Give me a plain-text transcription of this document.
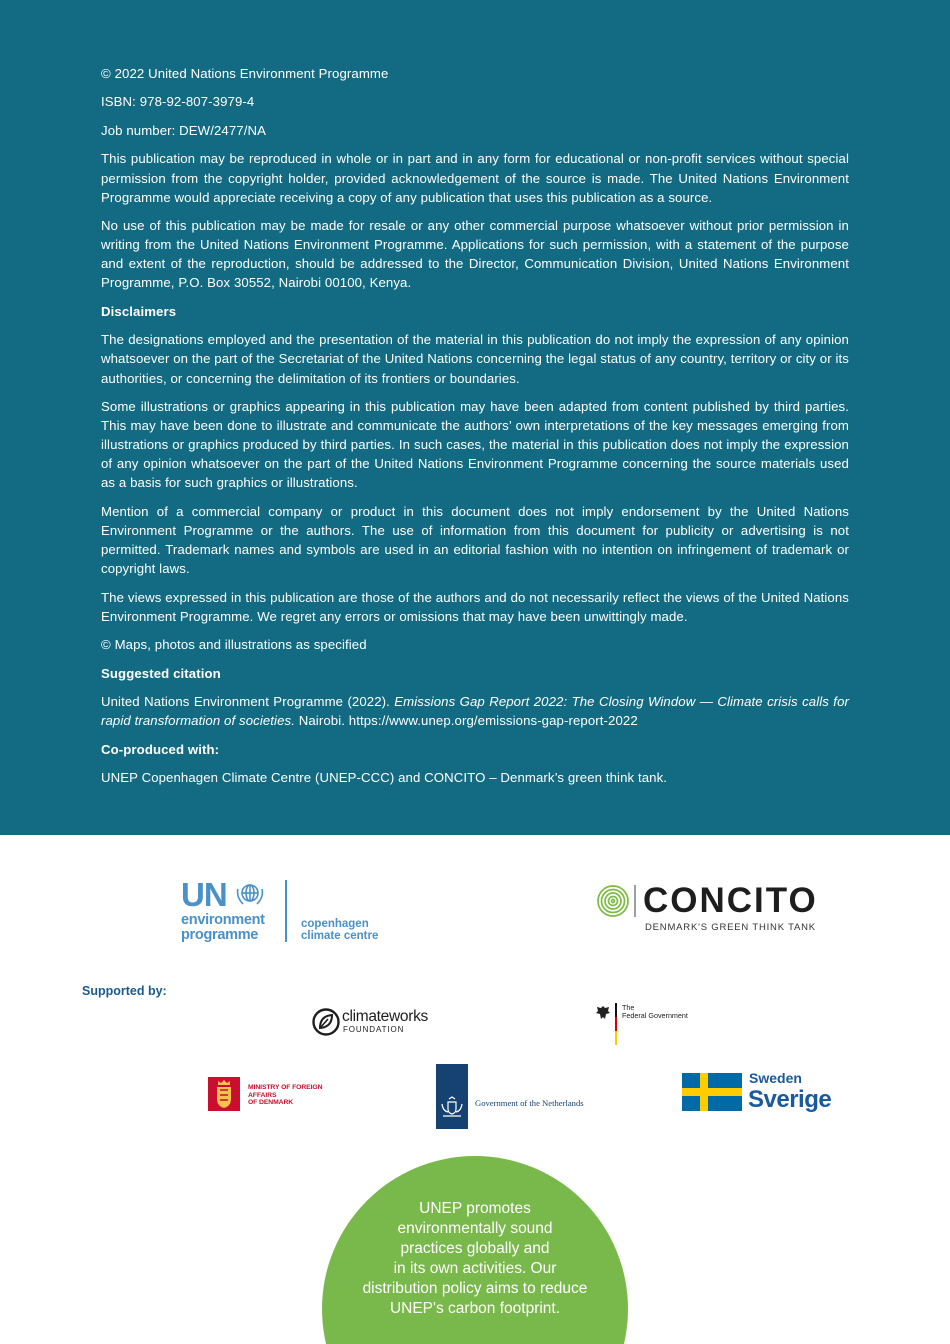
© 2022 United Nations Environment Programme

ISBN: 978-92-807-3979-4

Job number: DEW/2477/NA

This publication may be reproduced in whole or in part and in any form for educational or non-profit services without special permission from the copyright holder, provided acknowledgement of the source is made. The United Nations Environment Programme would appreciate receiving a copy of any publication that uses this publication as a source.

No use of this publication may be made for resale or any other commercial purpose whatsoever without prior permission in writing from the United Nations Environment Programme. Applications for such permission, with a statement of the purpose and extent of the reproduction, should be addressed to the Director, Communication Division, United Nations Environment Programme, P.O. Box 30552, Nairobi 00100, Kenya.

Disclaimers

The designations employed and the presentation of the material in this publication do not imply the expression of any opinion whatsoever on the part of the Secretariat of the United Nations concerning the legal status of any country, territory or city or its authorities, or concerning the delimitation of its frontiers or boundaries.

Some illustrations or graphics appearing in this publication may have been adapted from content published by third parties. This may have been done to illustrate and communicate the authors’ own interpretations of the key messages emerging from illustrations or graphics produced by third parties. In such cases, the material in this publication does not imply the expression of any opinion whatsoever on the part of the United Nations Environment Programme concerning the source materials used as a basis for such graphics or illustrations.

Mention of a commercial company or product in this document does not imply endorsement by the United Nations Environment Programme or the authors. The use of information from this document for publicity or advertising is not permitted. Trademark names and symbols are used in an editorial fashion with no intention on infringement of trademark or copyright laws.

The views expressed in this publication are those of the authors and do not necessarily reflect the views of the United Nations Environment Programme. We regret any errors or omissions that may have been unwittingly made.

© Maps, photos and illustrations as specified

Suggested citation

United Nations Environment Programme (2022). Emissions Gap Report 2022: The Closing Window — Climate crisis calls for rapid transformation of societies. Nairobi. https://www.unep.org/emissions-gap-report-2022

Co-produced with:

UNEP Copenhagen Climate Centre (UNEP-CCC) and CONCITO – Denmark’s green think tank.

UN
environment
programme
copenhagen
climate centre
CONCITO
DENMARK'S GREEN THINK TANK
Supported by:
climateworks
FOUNDATION
The
Federal Government
MINISTRY OF FOREIGN AFFAIRS
OF DENMARK	Government of the Netherlands
Sweden
Sverige
UNEP promotes
environmentally sound
practices globally and
in its own activities. Our
distribution policy aims to reduce
UNEP's carbon footprint.
